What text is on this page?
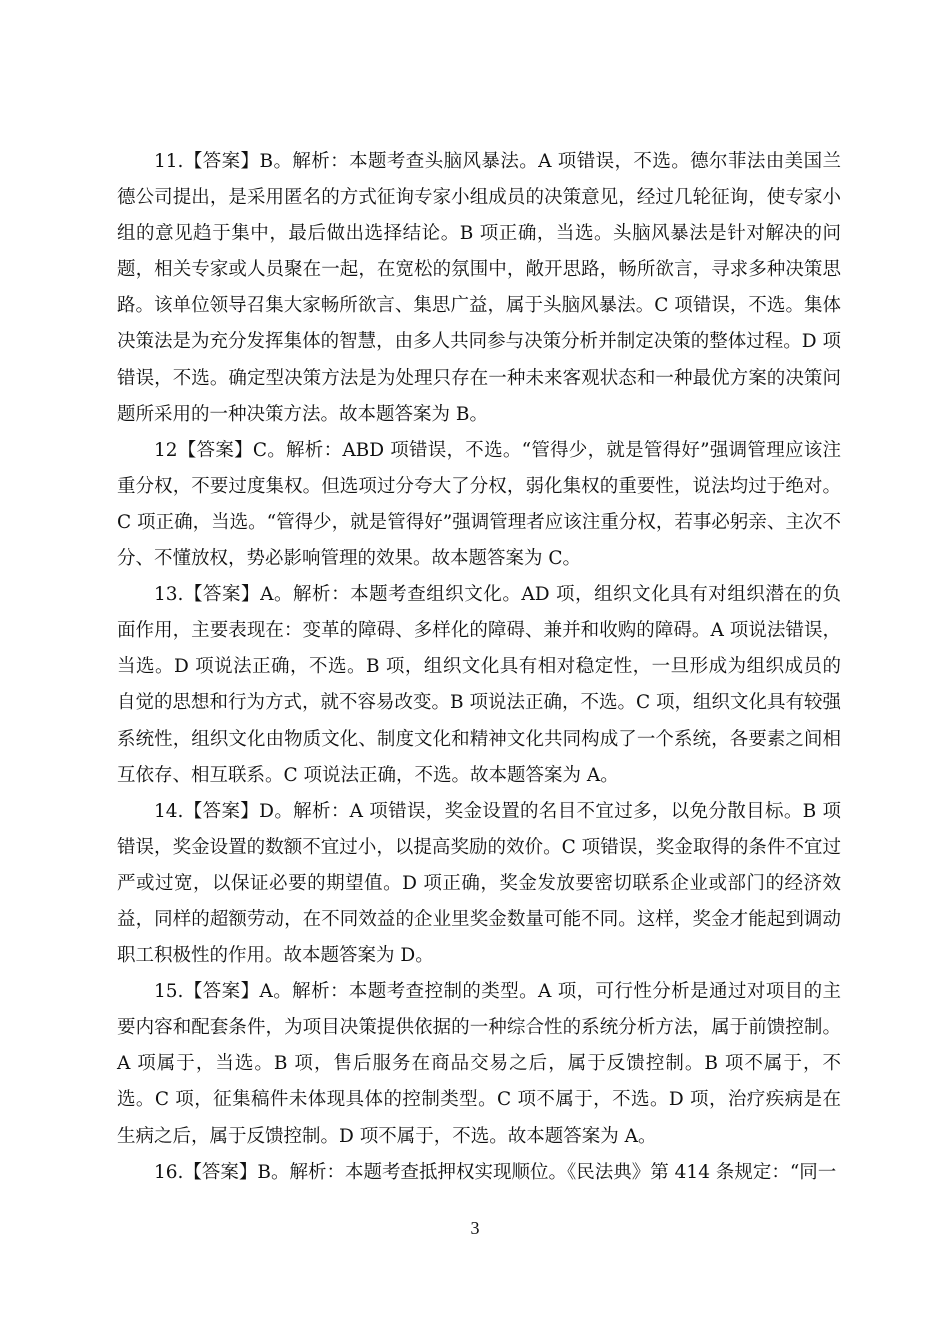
11.【答案】B。解析：本题考查头脑风暴法。A 项错误，不选。德尔菲法由美国兰德公司提出，是采用匿名的方式征询专家小组成员的决策意见，经过几轮征询，使专家小组的意见趋于集中，最后做出选择结论。B 项正确，当选。头脑风暴法是针对解决的问题，相关专家或人员聚在一起，在宽松的氛围中，敞开思路，畅所欲言，寻求多种决策思路。该单位领导召集大家畅所欲言、集思广益，属于头脑风暴法。C 项错误，不选。集体决策法是为充分发挥集体的智慧，由多人共同参与决策分析并制定决策的整体过程。D 项错误，不选。确定型决策方法是为处理只存在一种未来客观状态和一种最优方案的决策问题所采用的一种决策方法。故本题答案为 B。

12【答案】C。解析：ABD 项错误，不选。“管得少，就是管得好”强调管理应该注重分权，不要过度集权。但选项过分夸大了分权，弱化集权的重要性，说法均过于绝对。C 项正确，当选。“管得少，就是管得好”强调管理者应该注重分权，若事必躬亲、主次不分、不懂放权，势必影响管理的效果。故本题答案为 C。

13.【答案】A。解析：本题考查组织文化。AD 项，组织文化具有对组织潜在的负面作用，主要表现在：变革的障碍、多样化的障碍、兼并和收购的障碍。A 项说法错误，当选。D 项说法正确，不选。B 项，组织文化具有相对稳定性，一旦形成为组织成员的自觉的思想和行为方式，就不容易改变。B 项说法正确，不选。C 项，组织文化具有较强系统性，组织文化由物质文化、制度文化和精神文化共同构成了一个系统，各要素之间相互依存、相互联系。C 项说法正确，不选。故本题答案为 A。

14.【答案】D。解析：A 项错误，奖金设置的名目不宜过多，以免分散目标。B 项错误，奖金设置的数额不宜过小，以提高奖励的效价。C 项错误，奖金取得的条件不宜过严或过宽，以保证必要的期望值。D 项正确，奖金发放要密切联系企业或部门的经济效益，同样的超额劳动，在不同效益的企业里奖金数量可能不同。这样，奖金才能起到调动职工积极性的作用。故本题答案为 D。

15.【答案】A。解析：本题考查控制的类型。A 项，可行性分析是通过对项目的主要内容和配套条件，为项目决策提供依据的一种综合性的系统分析方法，属于前馈控制。A 项属于，当选。B 项，售后服务在商品交易之后，属于反馈控制。B 项不属于，不选。C 项，征集稿件未体现具体的控制类型。C 项不属于，不选。D 项，治疗疾病是在生病之后，属于反馈控制。D 项不属于，不选。故本题答案为 A。

16.【答案】B。解析：本题考查抵押权实现顺位。《民法典》第 414 条规定：“同一

3
